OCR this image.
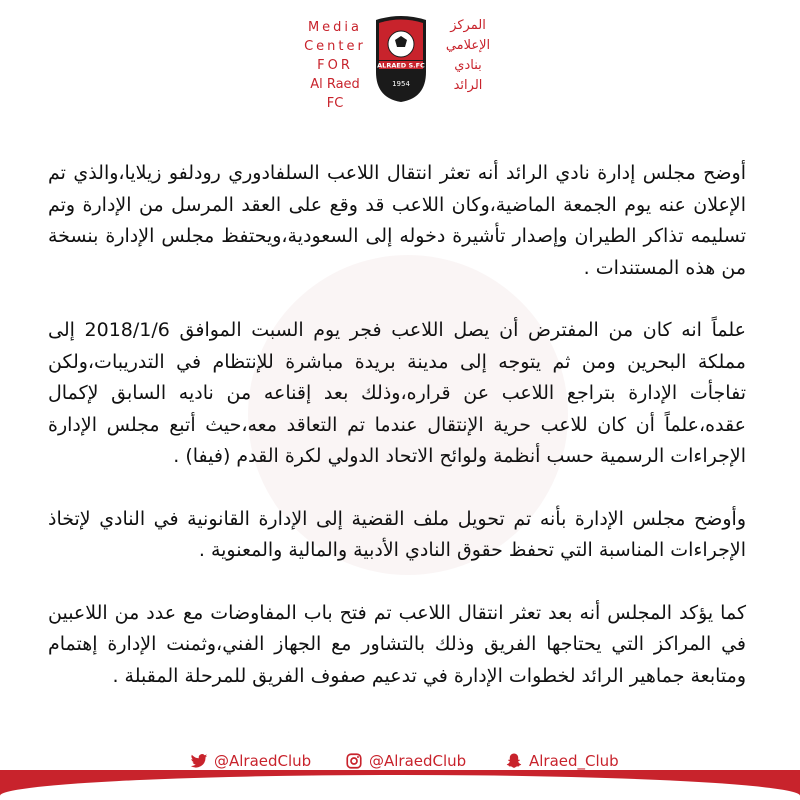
Media
Center
FOR
Al Raed FC
ALRAED S.FC
1954
المركز
الإعلامي
بنادي
الرائد

أوضح مجلس إدارة نادي الرائد أنه تعثر انتقال اللاعب السلفادوري رودلفو زيلايا،والذي تم الإعلان عنه يوم الجمعة الماضية،وكان اللاعب قد وقع على العقد المرسل من الإدارة وتم تسليمه تذاكر الطيران وإصدار تأشيرة دخوله إلى السعودية،ويحتفظ مجلس الإدارة بنسخة من هذه المستندات .

علماً انه كان من المفترض أن يصل اللاعب فجر يوم السبت الموافق 2018/1/6 إلى مملكة البحرين ومن ثم يتوجه إلى مدينة بريدة مباشرة للإنتظام في التدريبات،ولكن تفاجأت الإدارة بتراجع اللاعب عن قراره،وذلك بعد إقناعه من ناديه السابق لإكمال عقده،علماً أن كان للاعب حرية الإنتقال عندما تم التعاقد معه،حيث أتبع مجلس الإدارة الإجراءات الرسمية حسب أنظمة ولوائح الاتحاد الدولي لكرة القدم (فيفا) .

وأوضح مجلس الإدارة بأنه تم تحويل ملف القضية إلى الإدارة القانونية في النادي لإتخاذ الإجراءات المناسبة التي تحفظ حقوق النادي الأدبية والمالية والمعنوية .

كما يؤكد المجلس أنه بعد تعثر انتقال اللاعب تم فتح باب المفاوضات مع عدد من اللاعبين في المراكز التي يحتاجها الفريق وذلك بالتشاور مع الجهاز الفني،وثمنت الإدارة إهتمام ومتابعة جماهير الرائد لخطوات الإدارة في تدعيم صفوف الفريق للمرحلة المقبلة .

@AlraedClub	@AlraedClub	Alraed_Club
